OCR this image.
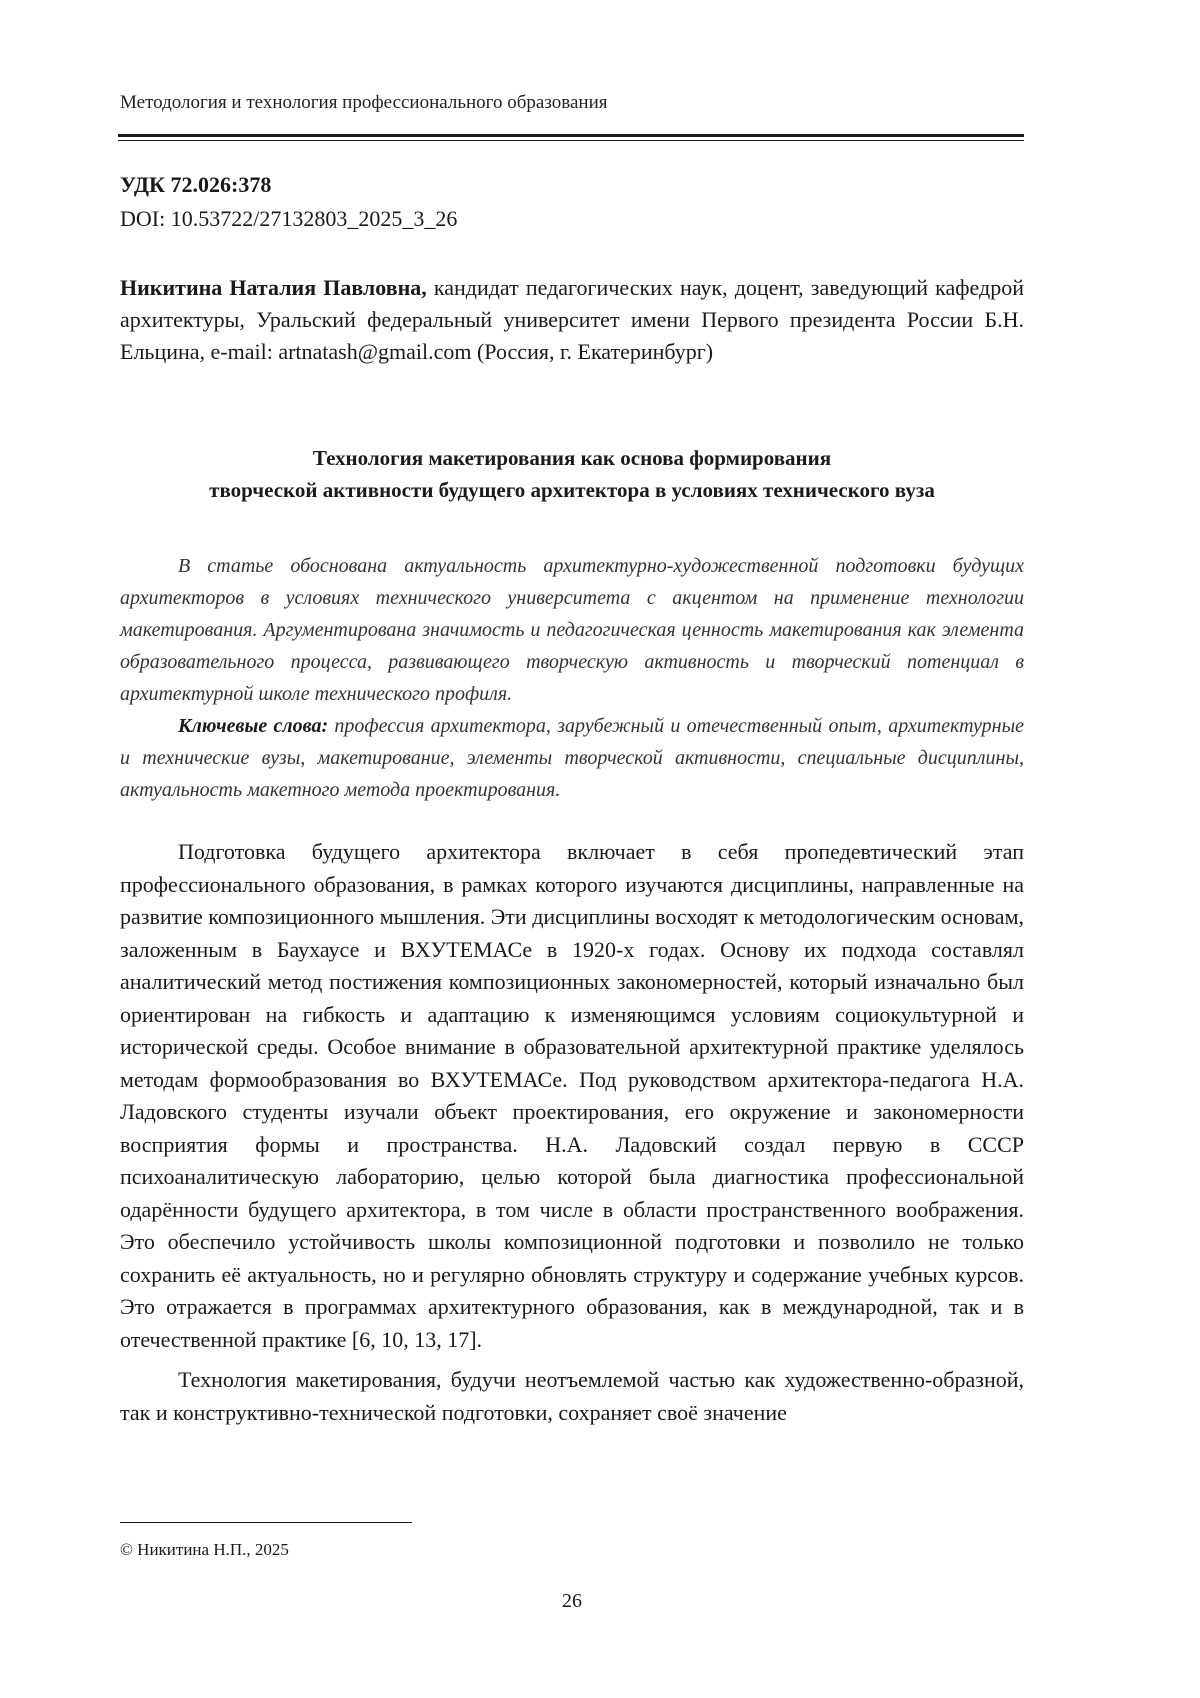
Методология и технология профессионального образования
УДК 72.026:378
DOI: 10.53722/27132803_2025_3_26
Никитина Наталия Павловна, кандидат педагогических наук, доцент, заведующий кафедрой архитектуры, Уральский федеральный университет имени Первого президента России Б.Н. Ельцина, e-mail: artnatash@gmail.com (Россия, г. Екатеринбург)
Технология макетирования как основа формирования
творческой активности будущего архитектора в условиях технического вуза

В статье обоснована актуальность архитектурно-художественной подготовки будущих архитекторов в условиях технического университета с акцентом на применение технологии макетирования. Аргументирована значимость и педагогическая ценность макетирования как элемента образовательного процесса, развивающего творческую активность и творческий потенциал в архитектурной школе технического профиля.

Ключевые слова: профессия архитектора, зарубежный и отечественный опыт, архитектурные и технические вузы, макетирование, элементы творческой активности, специальные дисциплины, актуальность макетного метода проектирования.

Подготовка будущего архитектора включает в себя пропедевтический этап профессионального образования, в рамках которого изучаются дисциплины, направленные на развитие композиционного мышления. Эти дисциплины восходят к методологическим основам, заложенным в Баухаусе и ВХУТЕМАСе в 1920-х годах. Основу их подхода составлял аналитический метод постижения композиционных закономерностей, который изначально был ориентирован на гибкость и адаптацию к изменяющимся условиям социокультурной и исторической среды. Особое внимание в образовательной архитектурной практике уделялось методам формообразования во ВХУТЕМАСе. Под руководством архитектора-педагога Н.А. Ладовского студенты изучали объект проектирования, его окружение и закономерности восприятия формы и пространства. Н.А. Ладовский создал первую в СССР психоаналитическую лабораторию, целью которой была диагностика профессиональной одарённости будущего архитектора, в том числе в области пространственного воображения. Это обеспечило устойчивость школы композиционной подготовки и позволило не только сохранить её актуальность, но и регулярно обновлять структуру и содержание учебных курсов. Это отражается в программах архитектурного образования, как в международной, так и в отечественной практике [6, 10, 13, 17].

Технология макетирования, будучи неотъемлемой частью как художественно-образной, так и конструктивно-технической подготовки, сохраняет своё значение

© Никитина Н.П., 2025
26
